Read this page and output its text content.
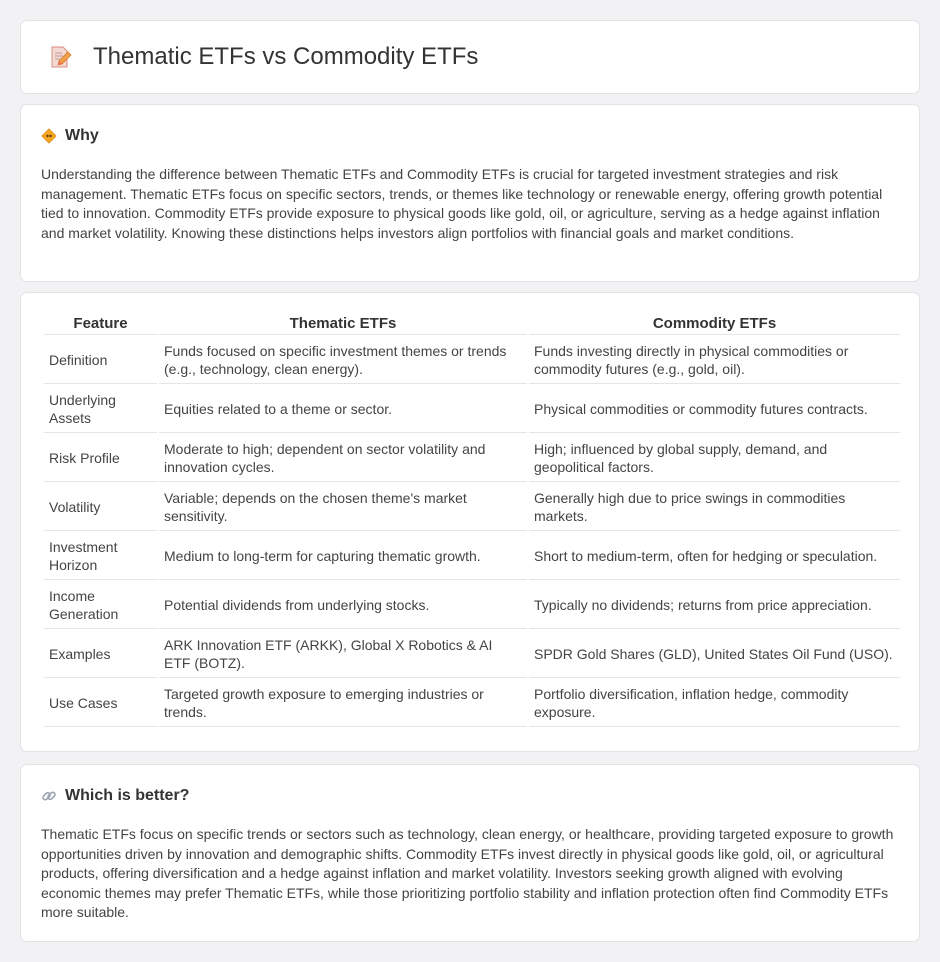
Thematic ETFs vs Commodity ETFs
Why

Understanding the difference between Thematic ETFs and Commodity ETFs is crucial for targeted investment strategies and risk management. Thematic ETFs focus on specific sectors, trends, or themes like technology or renewable energy, offering growth potential tied to innovation. Commodity ETFs provide exposure to physical goods like gold, oil, or agriculture, serving as a hedge against inflation and market volatility. Knowing these distinctions helps investors align portfolios with financial goals and market conditions.

Feature	Thematic ETFs	Commodity ETFs
Definition	Funds focused on specific investment themes or trends (e.g., technology, clean energy).	Funds investing directly in physical commodities or commodity futures (e.g., gold, oil).
Underlying Assets	Equities related to a theme or sector.	Physical commodities or commodity futures contracts.
Risk Profile	Moderate to high; dependent on sector volatility and innovation cycles.	High; influenced by global supply, demand, and geopolitical factors.
Volatility	Variable; depends on the chosen theme's market sensitivity.	Generally high due to price swings in commodities markets.
Investment Horizon	Medium to long-term for capturing thematic growth.	Short to medium-term, often for hedging or speculation.
Income Generation	Potential dividends from underlying stocks.	Typically no dividends; returns from price appreciation.
Examples	ARK Innovation ETF (ARKK), Global X Robotics & AI ETF (BOTZ).	SPDR Gold Shares (GLD), United States Oil Fund (USO).
Use Cases	Targeted growth exposure to emerging industries or trends.	Portfolio diversification, inflation hedge, commodity exposure.
Which is better?

Thematic ETFs focus on specific trends or sectors such as technology, clean energy, or healthcare, providing targeted exposure to growth opportunities driven by innovation and demographic shifts. Commodity ETFs invest directly in physical goods like gold, oil, or agricultural products, offering diversification and a hedge against inflation and market volatility. Investors seeking growth aligned with evolving economic themes may prefer Thematic ETFs, while those prioritizing portfolio stability and inflation protection often find Commodity ETFs more suitable.
